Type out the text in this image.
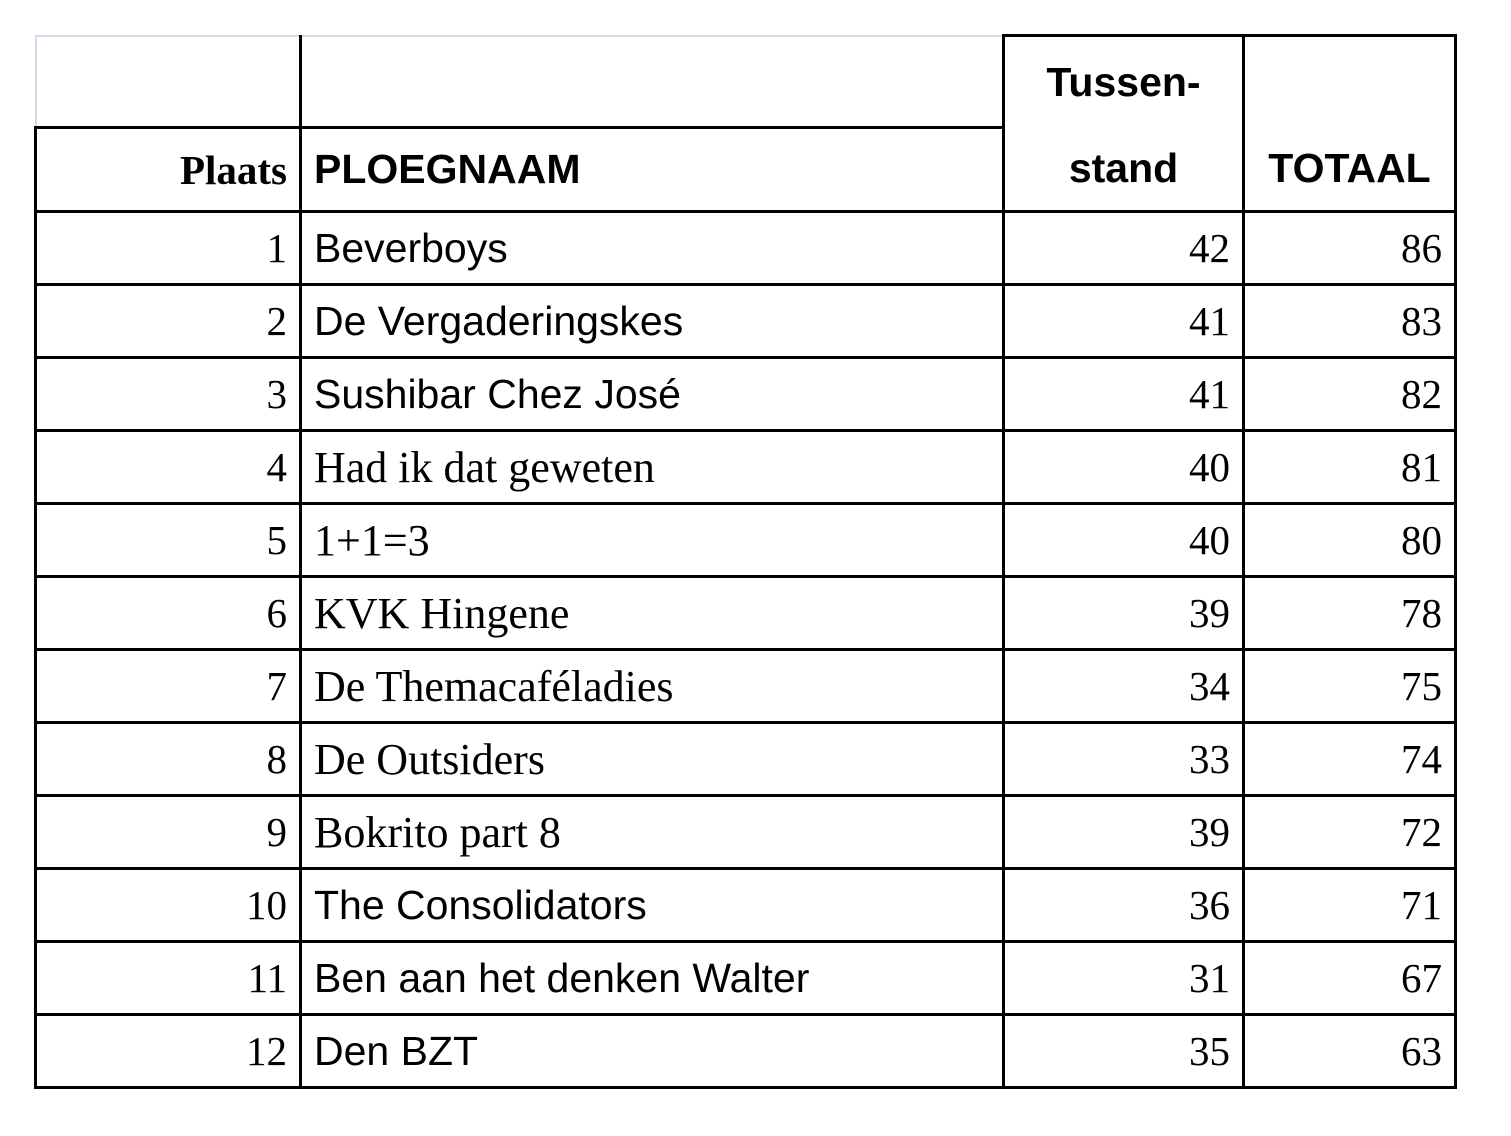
		Tussen-	
Plaats	PLOEGNAAM	stand	TOTAAL
1	Beverboys	42	86
2	De Vergaderingskes	41	83
3	Sushibar Chez José	41	82
4	Had ik dat geweten	40	81
5	1+1=3	40	80
6	KVK Hingene	39	78
7	De Themacaféladies	34	75
8	De Outsiders	33	74
9	Bokrito part 8	39	72
10	The Consolidators	36	71
11	Ben aan het denken Walter	31	67
12	Den BZT	35	63
